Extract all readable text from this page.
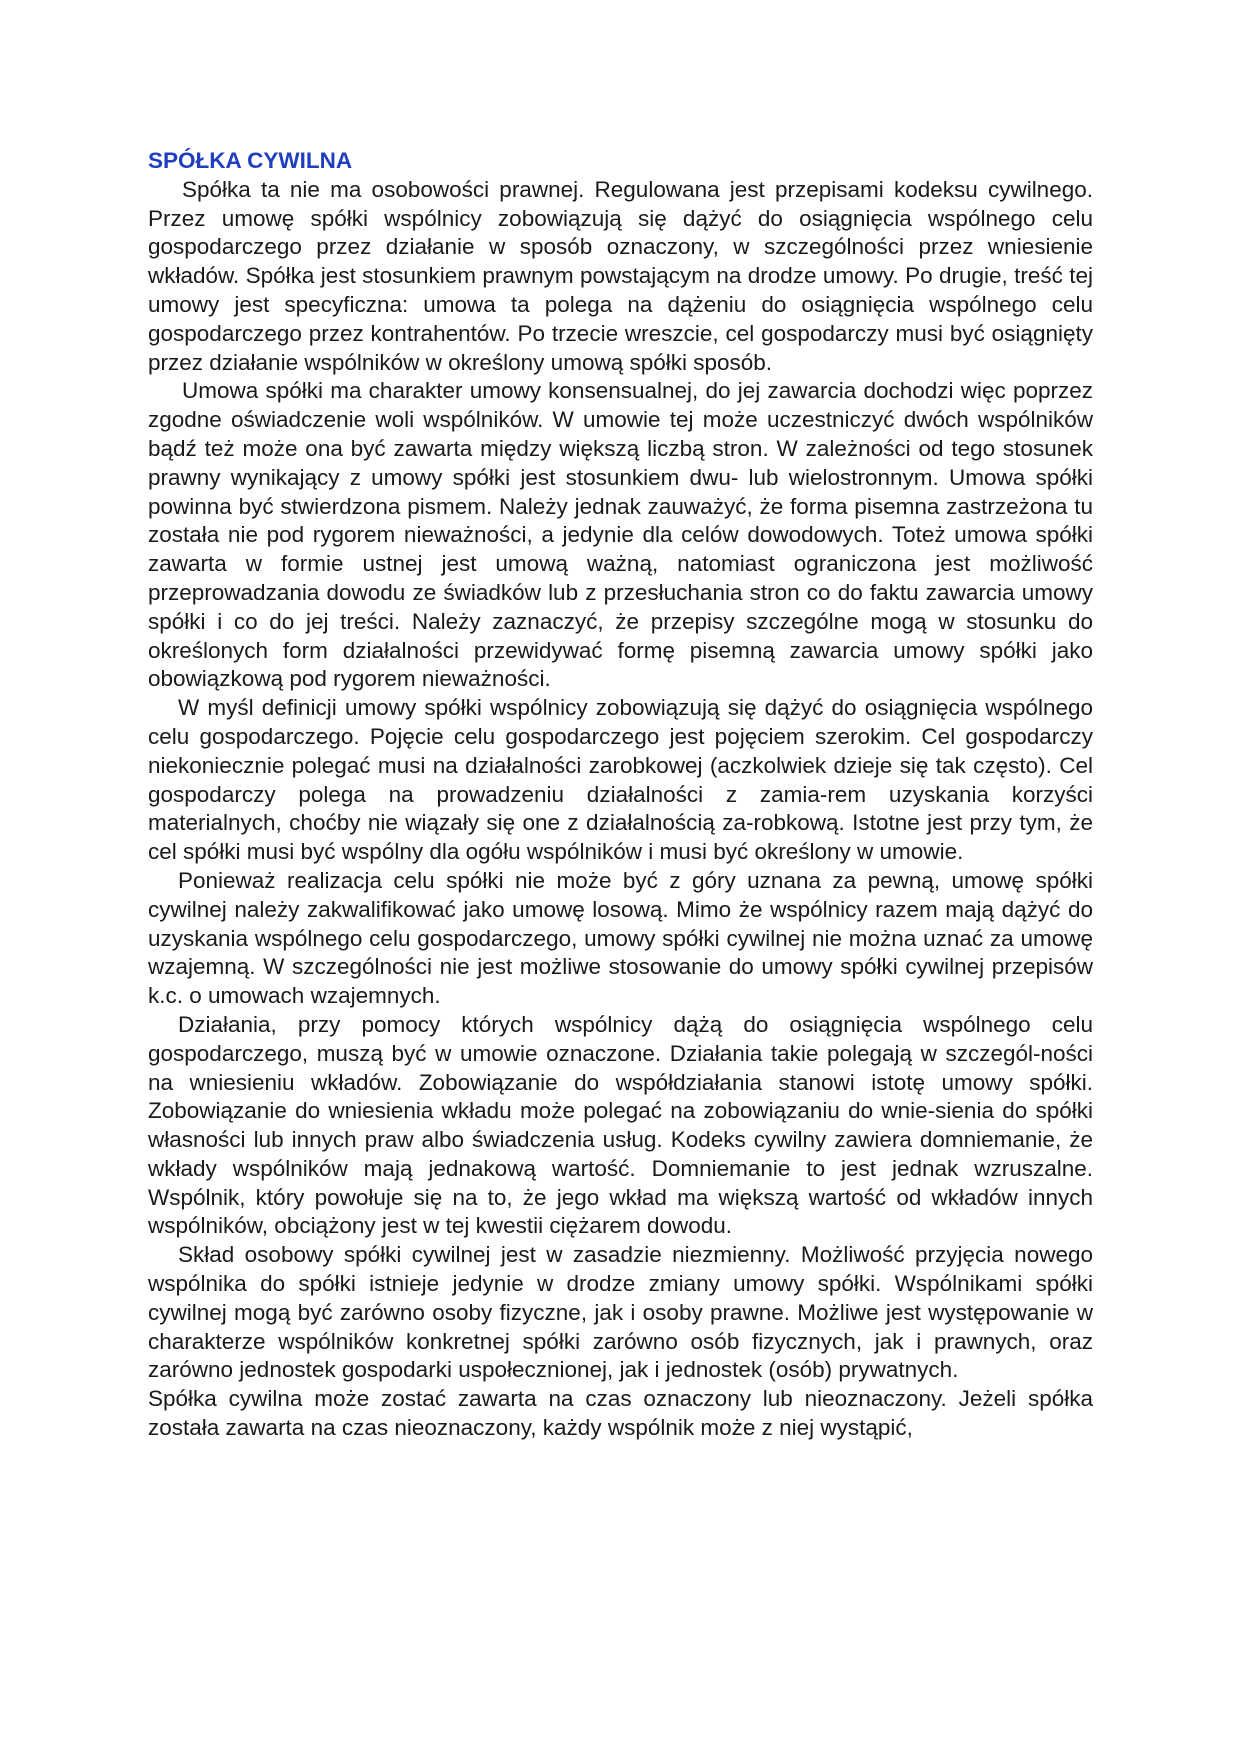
SPÓŁKA CYWILNA

Spółka ta nie ma osobowości prawnej. Regulowana jest przepisami kodeksu cywilnego. Przez umowę spółki wspólnicy zobowiązują się dążyć do osiągnięcia wspólnego celu gospodarczego przez działanie w sposób oznaczony, w szczególności przez wniesienie wkładów. Spółka jest stosunkiem prawnym powstającym na drodze umowy. Po drugie, treść tej umowy jest specyficzna: umowa ta polega na dążeniu do osiągnięcia wspólnego celu gospodarczego przez kontrahentów. Po trzecie wreszcie, cel gospodarczy musi być osiągnięty przez działanie wspólników w określony umową spółki sposób.

Umowa spółki ma charakter umowy konsensualnej, do jej zawarcia dochodzi więc poprzez zgodne oświadczenie woli wspólników. W umowie tej może uczestniczyć dwóch wspólników bądź też może ona być zawarta między większą liczbą stron. W zależności od tego stosunek prawny wynikający z umowy spółki jest stosunkiem dwu- lub wielostronnym. Umowa spółki powinna być stwierdzona pismem. Należy jednak zauważyć, że forma pisemna zastrzeżona tu została nie pod rygorem nieważności, a jedynie dla celów dowodowych. Toteż umowa spółki zawarta w formie ustnej jest umową ważną, natomiast ograniczona jest możliwość przeprowadzania dowodu ze świadków lub z przesłuchania stron co do faktu zawarcia umowy spółki i co do jej treści. Należy zaznaczyć, że przepisy szczególne mogą w stosunku do określonych form działalności przewidywać formę pisemną zawarcia umowy spółki jako obowiązkową pod rygorem nieważności.

W myśl definicji umowy spółki wspólnicy zobowiązują się dążyć do osiągnięcia wspólnego celu gospodarczego. Pojęcie celu gospodarczego jest pojęciem szerokim. Cel gospodarczy niekoniecznie polegać musi na działalności zarobkowej (aczkolwiek dzieje się tak często). Cel gospodarczy polega na prowadzeniu działalności z zamia-rem uzyskania korzyści materialnych, choćby nie wiązały się one z działalnością za-robkową. Istotne jest przy tym, że cel spółki musi być wspólny dla ogółu wspólników i musi być określony w umowie.

Ponieważ realizacja celu spółki nie może być z góry uznana za pewną, umowę spółki cywilnej należy zakwalifikować jako umowę losową. Mimo że wspólnicy razem mają dążyć do uzyskania wspólnego celu gospodarczego, umowy spółki cywilnej nie można uznać za umowę wzajemną. W szczególności nie jest możliwe stosowanie do umowy spółki cywilnej przepisów k.c. o umowach wzajemnych.

Działania, przy pomocy których wspólnicy dążą do osiągnięcia wspólnego celu gospodarczego, muszą być w umowie oznaczone. Działania takie polegają w szczegól-ności na wniesieniu wkładów. Zobowiązanie do współdziałania stanowi istotę umowy spółki. Zobowiązanie do wniesienia wkładu może polegać na zobowiązaniu do wnie-sienia do spółki własności lub innych praw albo świadczenia usług. Kodeks cywilny zawiera domniemanie, że wkłady wspólników mają jednakową wartość. Domniemanie to jest jednak wzruszalne. Wspólnik, który powołuje się na to, że jego wkład ma większą wartość od wkładów innych wspólników, obciążony jest w tej kwestii ciężarem dowodu.

Skład osobowy spółki cywilnej jest w zasadzie niezmienny. Możliwość przyjęcia nowego wspólnika do spółki istnieje jedynie w drodze zmiany umowy spółki. Wspólnikami spółki cywilnej mogą być zarówno osoby fizyczne, jak i osoby prawne. Możliwe jest występowanie w charakterze wspólników konkretnej spółki zarówno osób fizycznych, jak i prawnych, oraz zarówno jednostek gospodarki uspołecznionej, jak i jednostek (osób) prywatnych.

Spółka cywilna może zostać zawarta na czas oznaczony lub nieoznaczony. Jeżeli spółka została zawarta na czas nieoznaczony, każdy wspólnik może z niej wystąpić,
